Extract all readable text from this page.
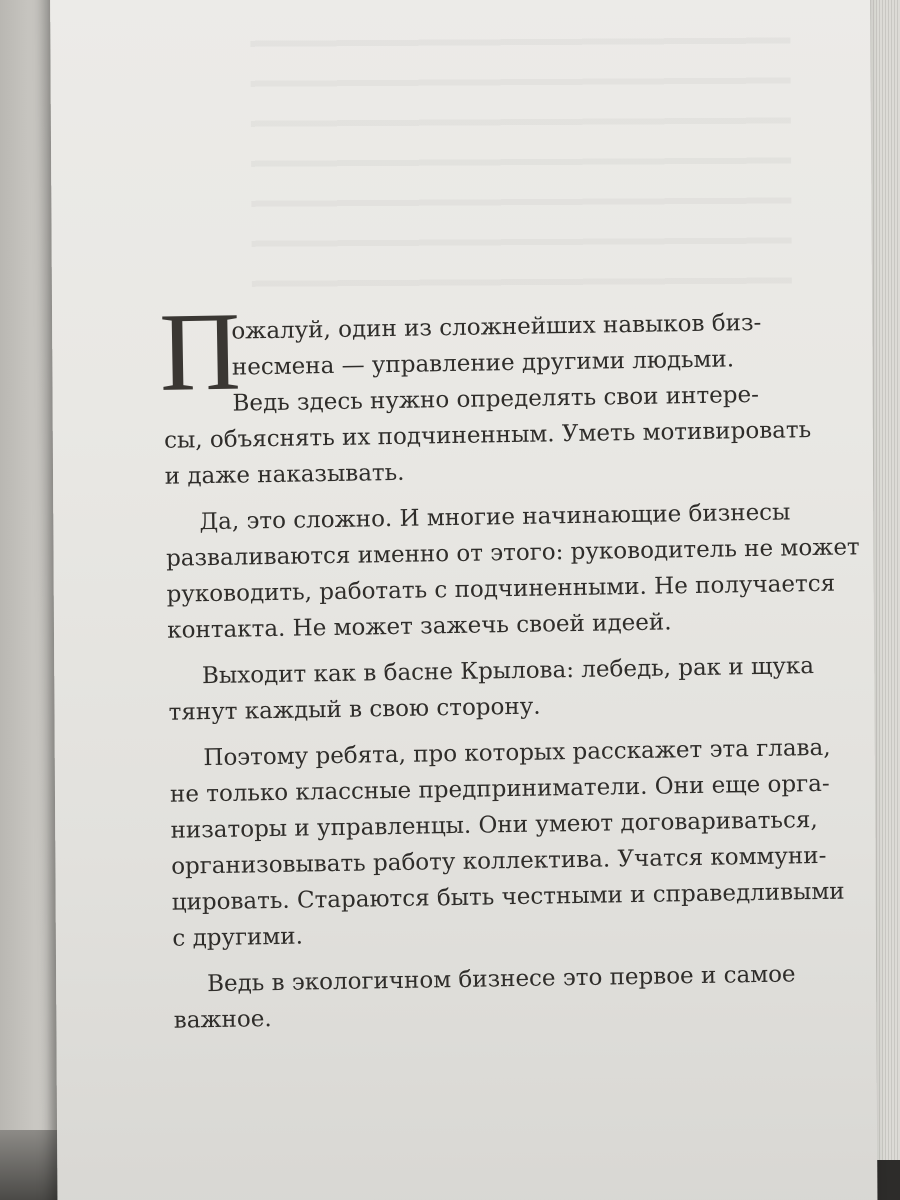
П
ожалуй, один из сложнейших навыков биз-
несмена — управление другими людьми.
Ведь здесь нужно определять свои интере-
сы, объяснять их подчиненным. Уметь мотивировать
и даже наказывать.
Да, это сложно. И многие начинающие бизнесы
разваливаются именно от этого: руководитель не может
руководить, работать с подчиненными. Не получается
контакта. Не может зажечь своей идеей.
Выходит как в басне Крылова: лебедь, рак и щука
тянут каждый в свою сторону.
Поэтому ребята, про которых расскажет эта глава,
не только классные предприниматели. Они еще орга-
низаторы и управленцы. Они умеют договариваться,
организовывать работу коллектива. Учатся коммуни-
цировать. Стараются быть честными и справедливыми
с другими.
Ведь в экологичном бизнесе это первое и самое
важное.
